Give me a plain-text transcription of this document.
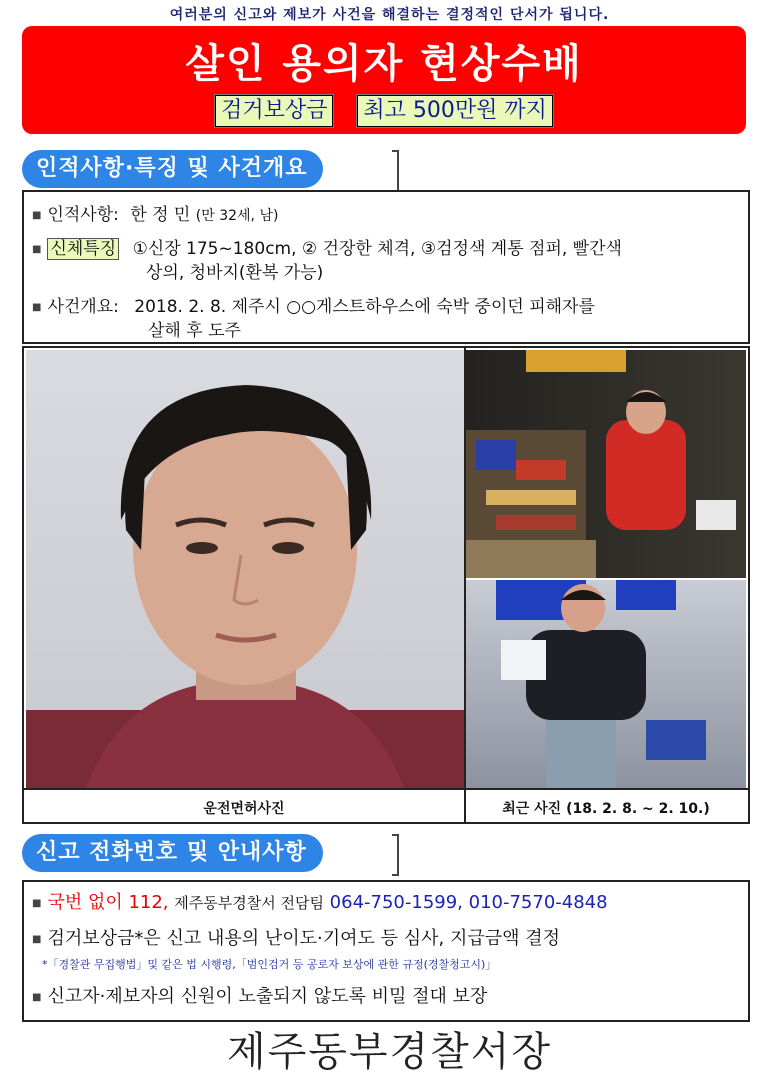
여러분의 신고와 제보가 사건을 해결하는 결정적인 단서가 됩니다.
살인 용의자 현상수배
검거보상금 최고 500만원 까지
인적사항·특징 및 사건개요
■ 인적사항: 한 정 민 (만 32세, 남)
■ 신체특징 ①신장 175~180cm, ② 건장한 체격, ③검정색 계통 점퍼, 빨간색
상의, 청바지(환복 가능)
■ 사건개요: 2018. 2. 8. 제주시 ○○게스트하우스에 숙박 중이던 피해자를
살해 후 도주
운전면허사진	최근 사진 (18. 2. 8. ~ 2. 10.)
신고 전화번호 및 안내사항
■ 국번 없이 112, 제주동부경찰서 전담팀 064-750-1599, 010-7570-4848
■ 검거보상금*은 신고 내용의 난이도·기여도 등 심사, 지급금액 결정
*「경찰관 무집행법」및 같은 법 시행령,「범인검거 등 공로자 보상에 관한 규정(경찰청고시)」
■ 신고자·제보자의 신원이 노출되지 않도록 비밀 절대 보장
제주동부경찰서장
